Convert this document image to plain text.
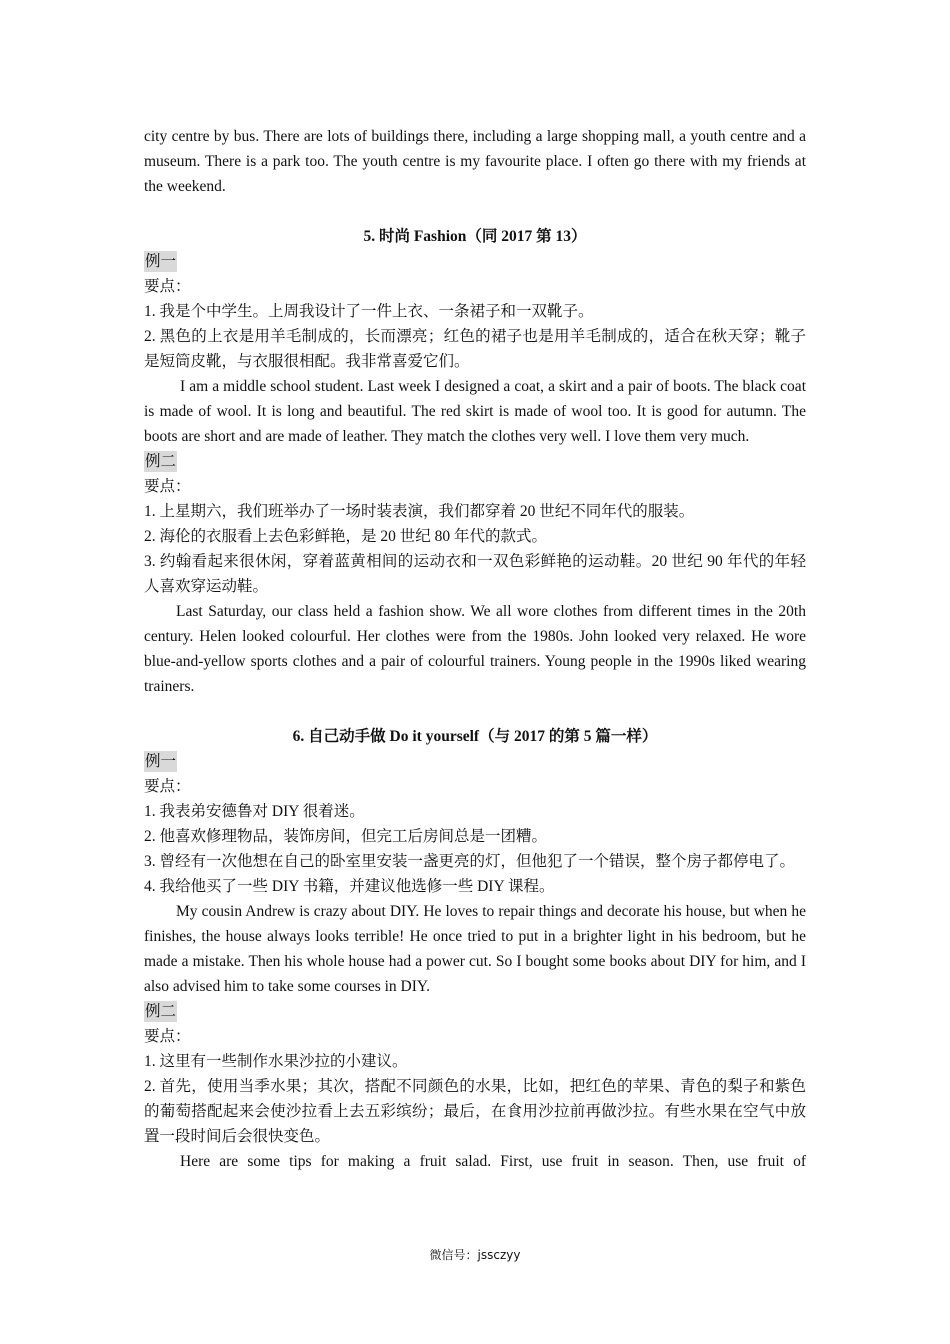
city centre by bus. There are lots of buildings there, including a large shopping mall, a youth centre and a museum. There is a park too. The youth centre is my favourite place. I often go there with my friends at the weekend.

5. 时尚 Fashion（同 2017 第 13）
例一

要点：

1. 我是个中学生。上周我设计了一件上衣、一条裙子和一双靴子。

2. 黑色的上衣是用羊毛制成的，长而漂亮；红色的裙子也是用羊毛制成的，适合在秋天穿；靴子是短筒皮靴，与衣服很相配。我非常喜爱它们。

I am a middle school student. Last week I designed a coat, a skirt and a pair of boots. The black coat is made of wool. It is long and beautiful. The red skirt is made of wool too. It is good for autumn. The boots are short and are made of leather. They match the clothes very well. I love them very much.

例二

要点：

1. 上星期六，我们班举办了一场时装表演，我们都穿着 20 世纪不同年代的服装。

2. 海伦的衣服看上去色彩鲜艳，是 20 世纪 80 年代的款式。

3. 约翰看起来很休闲，穿着蓝黄相间的运动衣和一双色彩鲜艳的运动鞋。20 世纪 90 年代的年轻人喜欢穿运动鞋。

Last Saturday, our class held a fashion show. We all wore clothes from different times in the 20th century. Helen looked colourful. Her clothes were from the 1980s. John looked very relaxed. He wore blue-and-yellow sports clothes and a pair of colourful trainers. Young people in the 1990s liked wearing trainers.

6. 自己动手做 Do it yourself（与 2017 的第 5 篇一样）
例一

要点：

1. 我表弟安德鲁对 DIY 很着迷。

2. 他喜欢修理物品，装饰房间，但完工后房间总是一团糟。

3. 曾经有一次他想在自己的卧室里安装一盏更亮的灯，但他犯了一个错误，整个房子都停电了。

4. 我给他买了一些 DIY 书籍，并建议他选修一些 DIY 课程。

My cousin Andrew is crazy about DIY. He loves to repair things and decorate his house, but when he finishes, the house always looks terrible! He once tried to put in a brighter light in his bedroom, but he made a mistake. Then his whole house had a power cut. So I bought some books about DIY for him, and I also advised him to take some courses in DIY.

例二

要点：

1. 这里有一些制作水果沙拉的小建议。

2. 首先，使用当季水果；其次，搭配不同颜色的水果，比如，把红色的苹果、青色的梨子和紫色的葡萄搭配起来会使沙拉看上去五彩缤纷；最后，在食用沙拉前再做沙拉。有些水果在空气中放置一段时间后会很快变色。

Here are some tips for making a fruit salad. First, use fruit in season. Then, use fruit of

微信号：jssczyy
